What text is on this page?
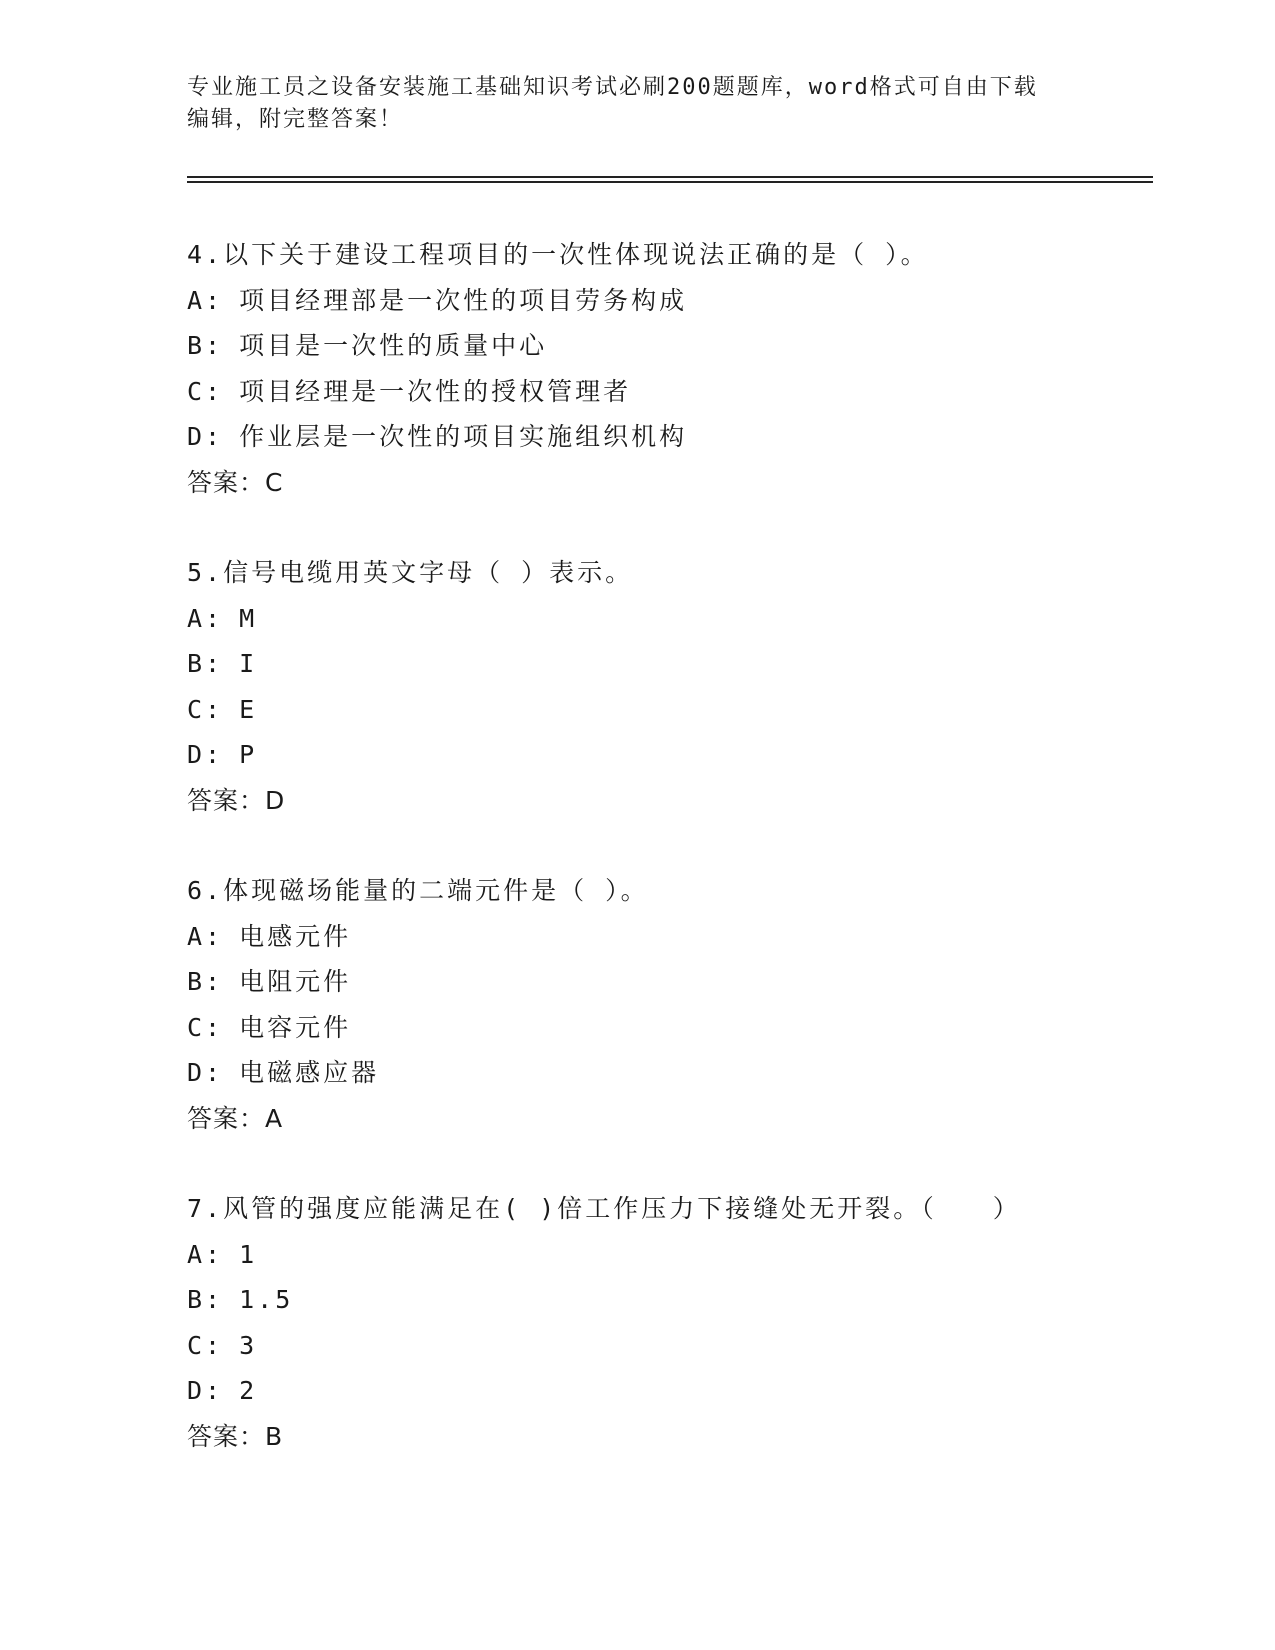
专业施工员之设备安装施工基础知识考试必刷200题题库，word格式可自由下载
编辑，附完整答案！
4.以下关于建设工程项目的一次性体现说法正确的是（ ）。
A: 项目经理部是一次性的项目劳务构成
B: 项目是一次性的质量中心
C: 项目经理是一次性的授权管理者
D: 作业层是一次性的项目实施组织机构
答案：C
5.信号电缆用英文字母（ ）表示。
A: M
B: I
C: E
D: P
答案：D
6.体现磁场能量的二端元件是（ ）。
A: 电感元件
B: 电阻元件
C: 电容元件
D: 电磁感应器
答案：A
7.风管的强度应能满足在( )倍工作压力下接缝处无开裂。（　　）
A: 1
B: 1.5
C: 3
D: 2
答案：B
